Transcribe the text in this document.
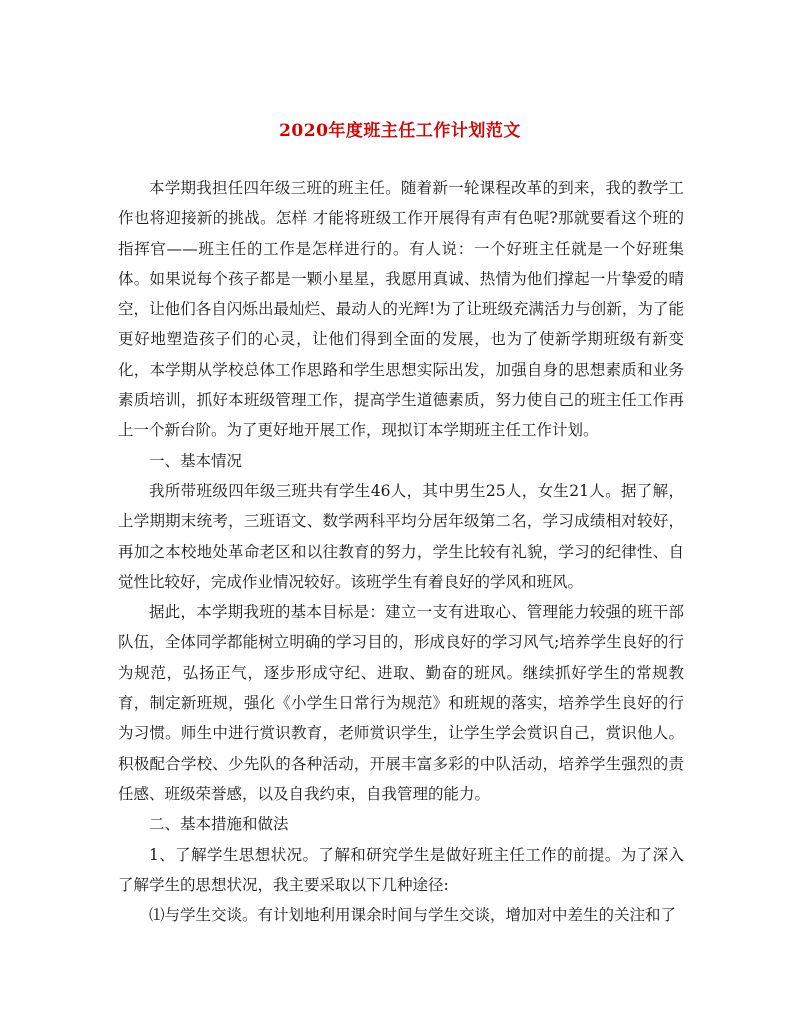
2020年度班主任工作计划范文

本学期我担任四年级三班的班主任。随着新一轮课程改革的到来，我的教学工作也将迎接新的挑战。怎样 才能将班级工作开展得有声有色呢?那就要看这个班的指挥官——班主任的工作是怎样进行的。有人说：一个好班主任就是一个好班集体。如果说每个孩子都是一颗小星星，我愿用真诚、热情为他们撑起一片挚爱的晴空，让他们各自闪烁出最灿烂、最动人的光辉!为了让班级充满活力与创新，为了能更好地塑造孩子们的心灵，让他们得到全面的发展，也为了使新学期班级有新变化，本学期从学校总体工作思路和学生思想实际出发，加强自身的思想素质和业务素质培训，抓好本班级管理工作，提高学生道德素质，努力使自己的班主任工作再上一个新台阶。为了更好地开展工作，现拟订本学期班主任工作计划。

一、基本情况

我所带班级四年级三班共有学生46人，其中男生25人，女生21人。据了解，上学期期末统考，三班语文、数学两科平均分居年级第二名，学习成绩相对较好，再加之本校地处革命老区和以往教育的努力，学生比较有礼貌，学习的纪律性、自觉性比较好，完成作业情况较好。该班学生有着良好的学风和班风。

据此，本学期我班的基本目标是：建立一支有进取心、管理能力较强的班干部队伍，全体同学都能树立明确的学习目的，形成良好的学习风气;培养学生良好的行为规范，弘扬正气，逐步形成守纪、进取、勤奋的班风。继续抓好学生的常规教育，制定新班规，强化《小学生日常行为规范》和班规的落实，培养学生良好的行为习惯。师生中进行赏识教育，老师赏识学生，让学生学会赏识自己，赏识他人。积极配合学校、少先队的各种活动，开展丰富多彩的中队活动，培养学生强烈的责任感、班级荣誉感，以及自我约束，自我管理的能力。

二、基本措施和做法

1、了解学生思想状况。了解和研究学生是做好班主任工作的前提。为了深入了解学生的思想状况，我主要采取以下几种途径:

⑴与学生交谈。有计划地利用课余时间与学生交谈，增加对中差生的关注和了
